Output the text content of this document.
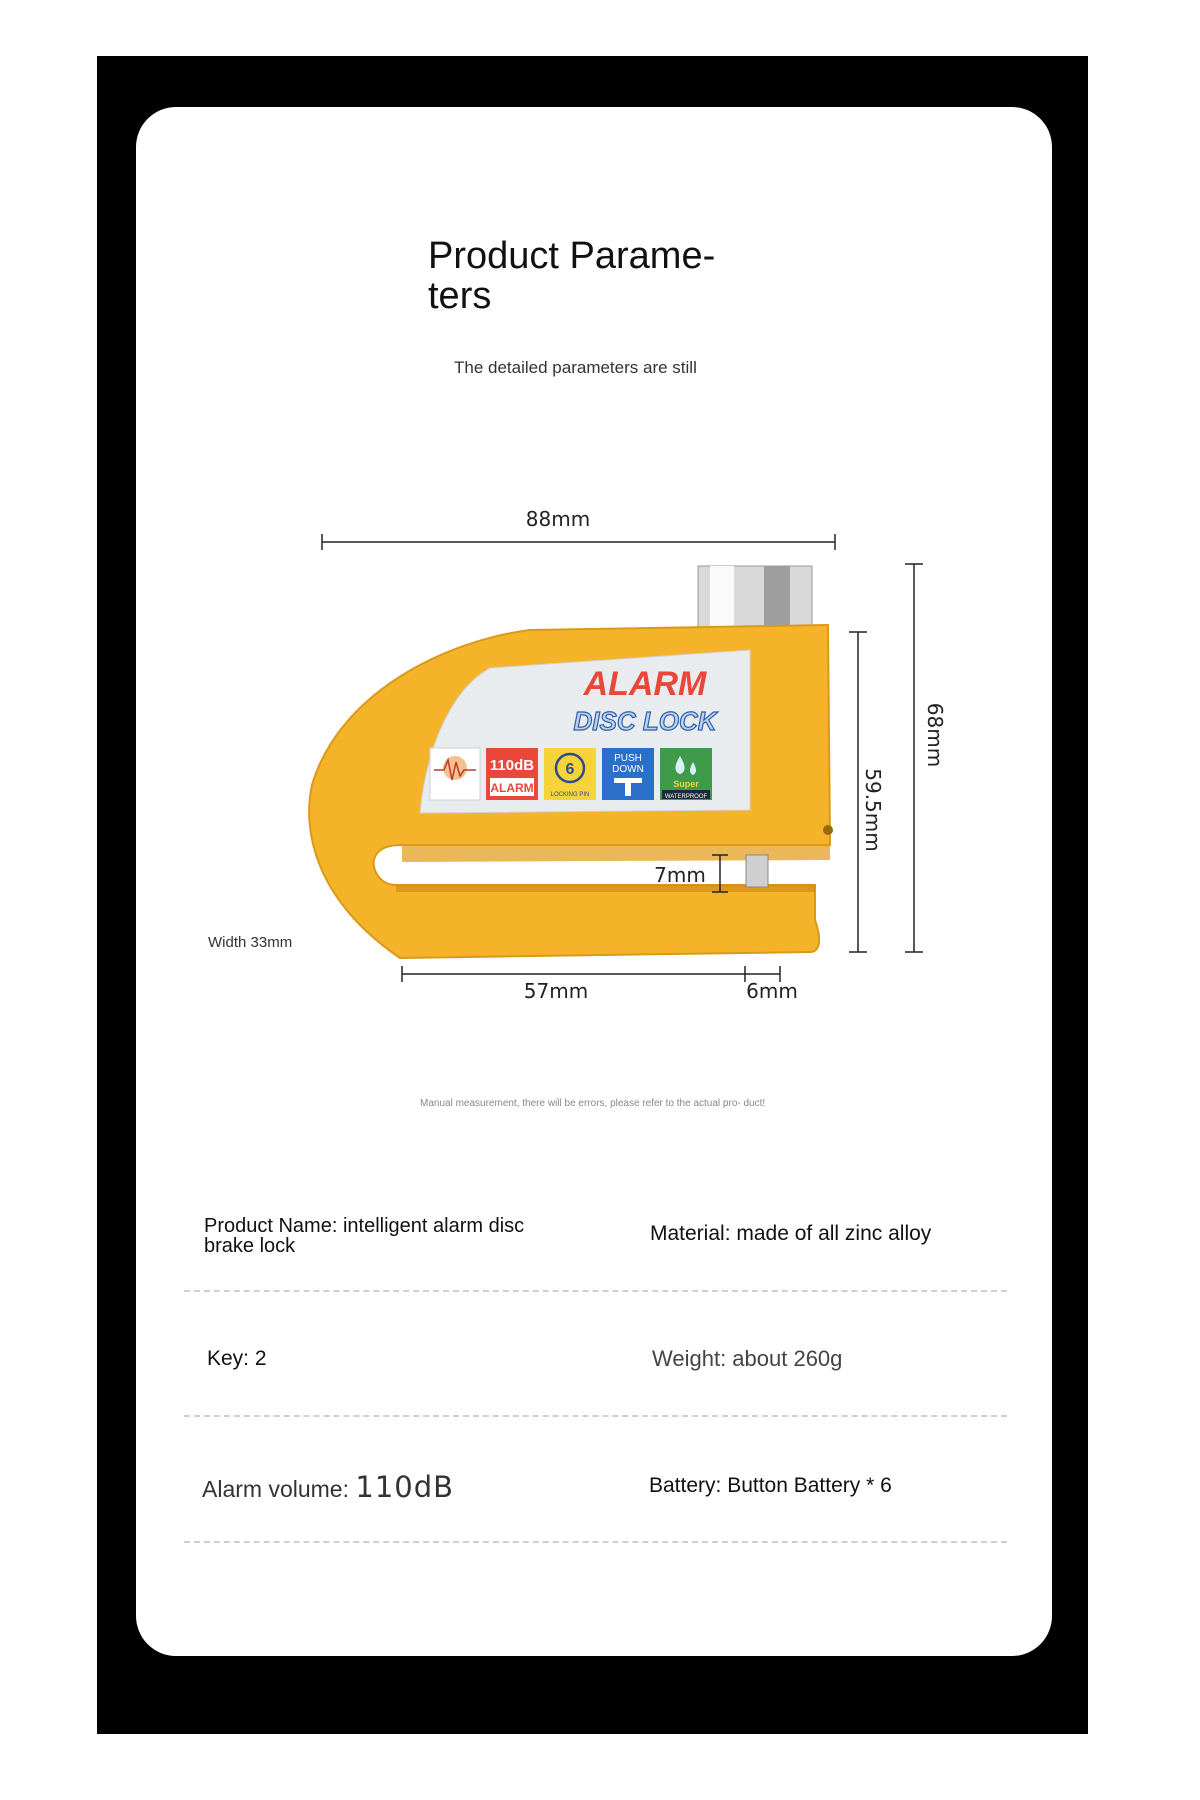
Product Parame-
ters
The detailed parameters are still
88mm
ALARM
DISC LOCK
110dB
ALARM
6
LOCKING PIN
PUSH
DOWN
Super
WATERPROOF
7mm
59.5mm
68mm
57mm	6mm
Width 33mm
Manual measurement, there will be errors, please refer to the actual pro- duct!
Product Name: intelligent alarm disc
brake lock
Material: made of all zinc alloy
Key: 2	Weight: about 260g
Alarm volume: 110dB	Battery: Button Battery * 6
